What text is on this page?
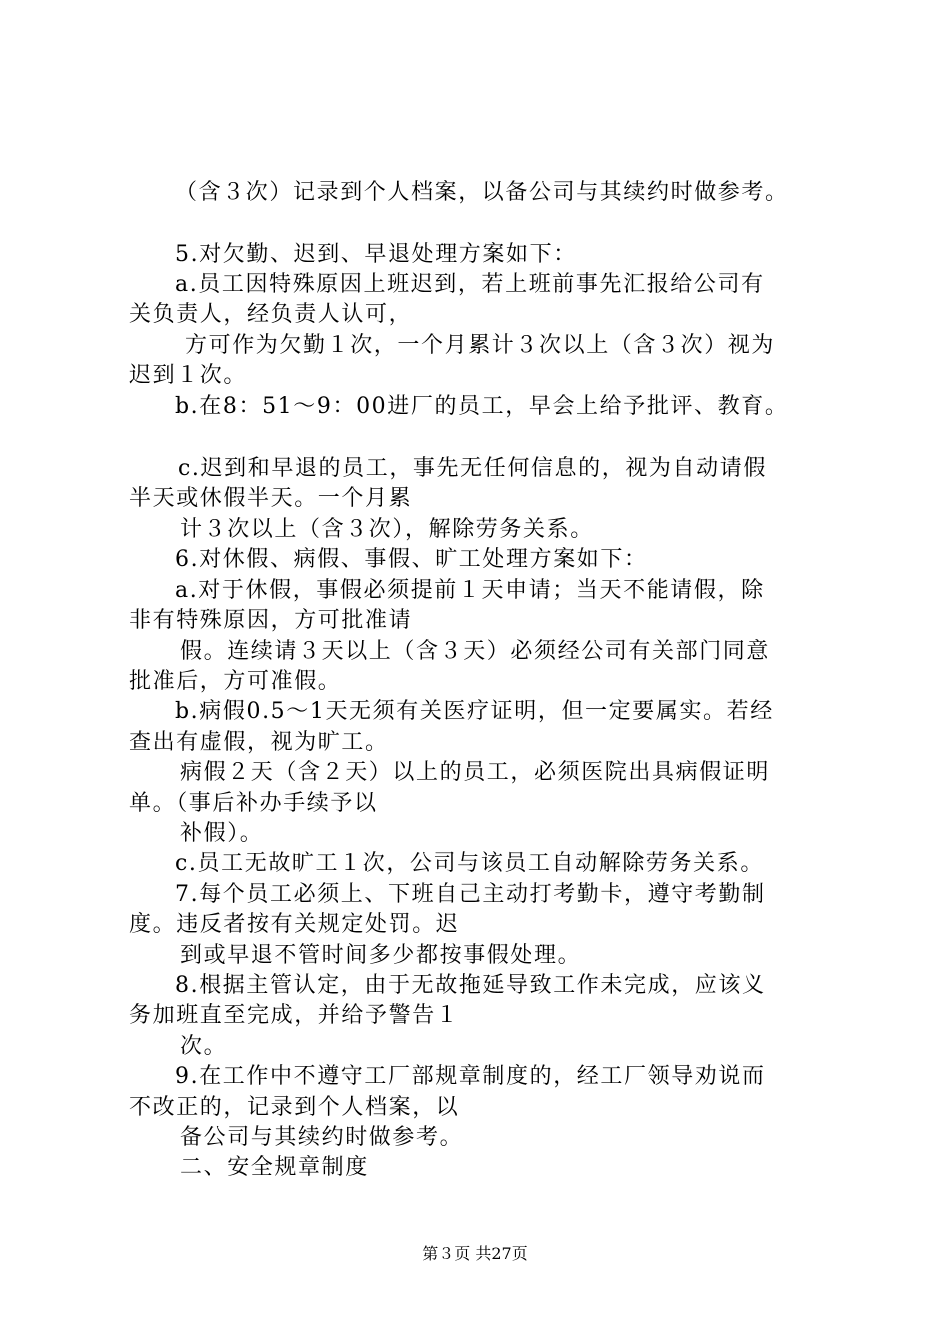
（含３次）记录到个人档案，以备公司与其续约时做参考。
5.对欠勤、迟到、早退处理方案如下：
a.员工因特殊原因上班迟到，若上班前事先汇报给公司有
关负责人，经负责人认可，
方可作为欠勤１次，一个月累计３次以上（含３次）视为
迟到１次。
b.在8：51～9：00进厂的员工，早会上给予批评、教育。
c.迟到和早退的员工，事先无任何信息的，视为自动请假
半天或休假半天。一个月累
计３次以上（含３次），解除劳务关系。
6.对休假、病假、事假、旷工处理方案如下：
a.对于休假，事假必须提前１天申请；当天不能请假，除
非有特殊原因，方可批准请
假。连续请３天以上（含３天）必须经公司有关部门同意
批准后，方可准假。
b.病假0.5～1天无须有关医疗证明，但一定要属实。若经
查出有虚假，视为旷工。
病假２天（含２天）以上的员工，必须医院出具病假证明
单。（事后补办手续予以
补假）。
c.员工无故旷工１次，公司与该员工自动解除劳务关系。
7.每个员工必须上、下班自己主动打考勤卡，遵守考勤制
度。违反者按有关规定处罚。迟
到或早退不管时间多少都按事假处理。
8.根据主管认定，由于无故拖延导致工作未完成，应该义
务加班直至完成，并给予警告１
次。
9.在工作中不遵守工厂部规章制度的，经工厂领导劝说而
不改正的，记录到个人档案，以
备公司与其续约时做参考。
二、安全规章制度
第３页 共27页
